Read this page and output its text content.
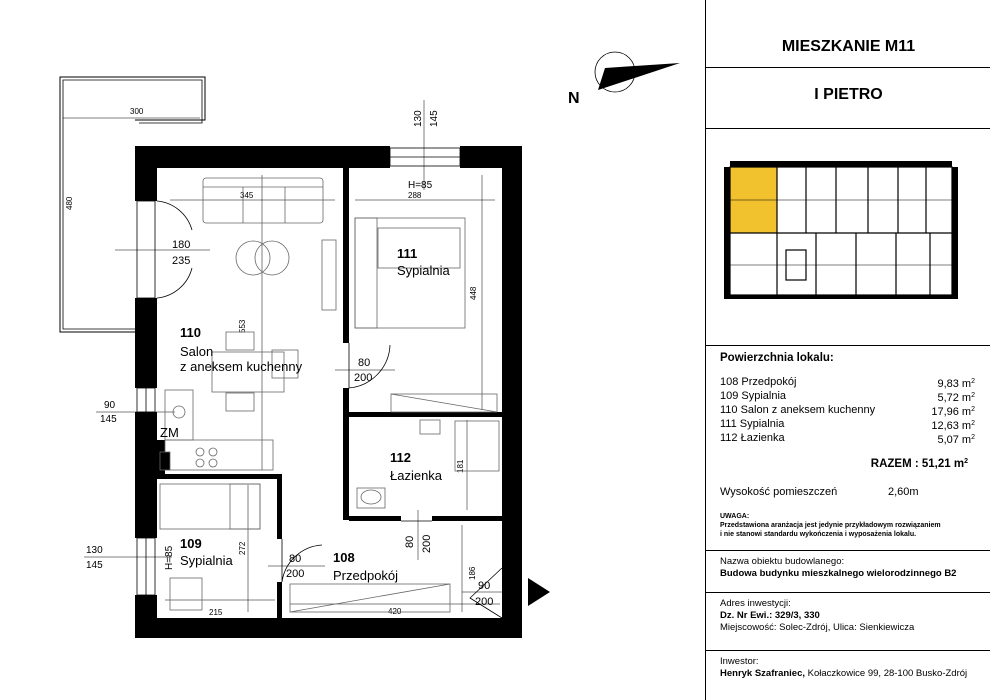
300
480
180
235
130 145
90
145
130
145
80
200
80
200
80 200
90
200
345	288
448
553
181
272
215	420
186
108
Przedpokój
109
Sypialnia
110
Salon
z aneksem kuchenny
111
Sypialnia
112
Łazienka
ZM
H=85
H=85
N
MIESZKANIE M11
I PIETRO
Powierzchnia lokalu:
108 Przedpokój	9,83 $m^2$
109 Sypialnia	5,72 $m^2$
110 Salon z aneksem kuchenny	17,96 $m^2$
111 Sypialnia	12,63 $m^2$
112 Łazienka	5,07 $m^2$
RAZEM : 51,21 $m^2$
Wysokość pomieszczeń	2,60m
UWAGA:
Przedstawiona aranżacja jest jedynie przykładowym rozwiązaniem
i nie stanowi standardu wykończenia i wyposażenia lokalu.
Nazwa obiektu budowlanego:
Budowa budynku mieszkalnego wielorodzinnego B2
Adres inwestycji:
Dz. Nr Ewi.: 329/3, 330
Miejscowość: Solec-Zdrój, Ulica: Sienkiewicza
Inwestor:
Henryk Szafraniec, Kołaczkowice 99, 28-100 Busko-Zdrój
